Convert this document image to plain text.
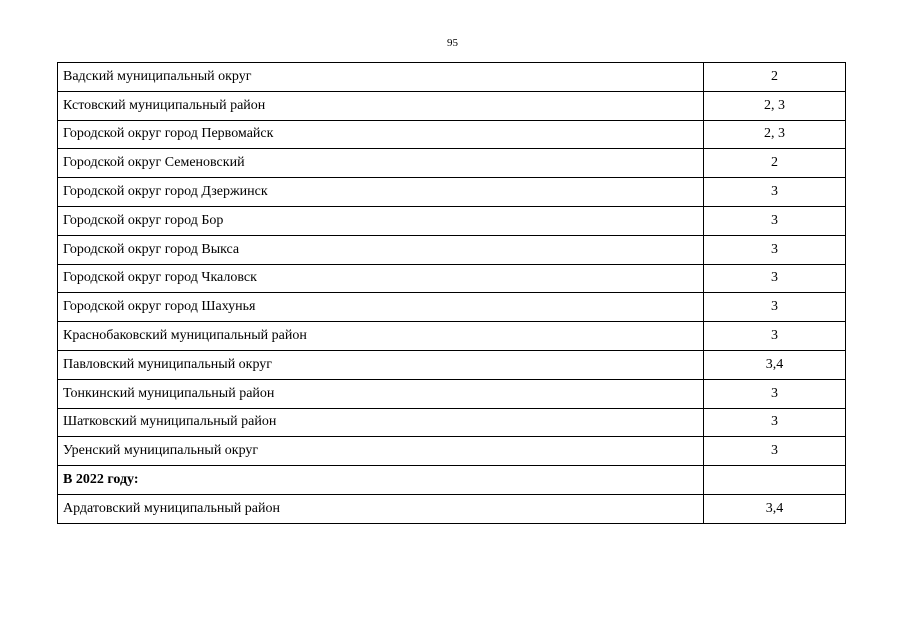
95
Вадский муниципальный округ	2
Кстовский муниципальный район	2, 3
Городской округ город Первомайск	2, 3
Городской округ Семеновский	2
Городской округ город Дзержинск	3
Городской округ город Бор	3
Городской округ город Выкса	3
Городской округ город Чкаловск	3
Городской округ город Шахунья	3
Краснобаковский муниципальный район	3
Павловский муниципальный округ	3,4
Тонкинский муниципальный район	3
Шатковский муниципальный район	3
Уренский муниципальный округ	3
В 2022 году:	
Ардатовский муниципальный район	3,4
